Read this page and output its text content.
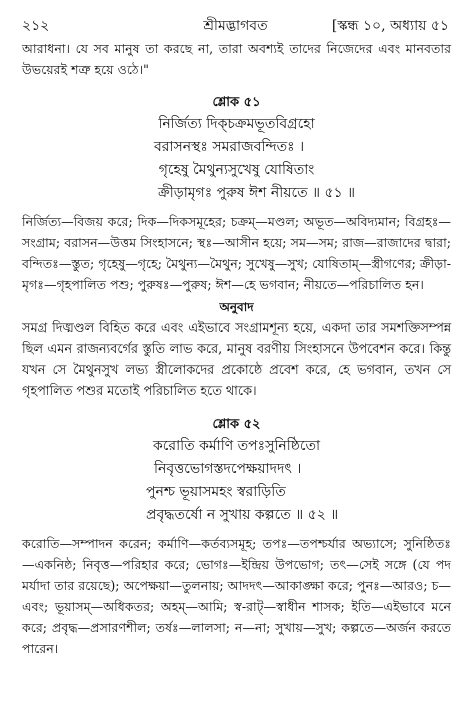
২১২	শ্রীমদ্ভাগবত	[স্কন্ধ ১০, অধ্যায় ৫১

আরাধনা। যে সব মানুষ তা করছে না, তারা অবশ্যই তাদের নিজেদের এবং মানবতার উভয়েরই শত্রু হয়ে ওঠে।"

শ্লোক ৫১

নির্জিত্য দিক্‌চক্রমভূতবিগ্রহো

বরাসনস্থঃ সমরাজবন্দিতঃ ।

গৃহেষু মৈথুন্যসুখেষু যোষিতাং

ক্রীড়ামৃগঃ পুরুষ ঈশ নীয়তে ॥ ৫১ ॥

নির্জিত্য—বিজয় করে; দিক—দিকসমূহের; চক্রম্‌—মণ্ডল; অভূত—অবিদ্যমান; বিগ্রহঃ—সংগ্রাম; বরাসন—উত্তম সিংহাসনে; স্থঃ—আসীন হয়ে; সম—সম; রাজ—রাজাদের দ্বারা; বন্দিতঃ—স্তুত; গৃহেষু—গৃহে; মৈথুন্য—মৈথুন; সুখেষু—সুখ; যোষিতাম্‌—স্ত্রীগণের; ক্রীড়া-মৃগঃ—গৃহপালিত পশু; পুরুষঃ—পুরুষ; ঈশ—হে ভগবান; নীয়তে—পরিচালিত হন।

অনুবাদ

সমগ্র দিঙ্মণ্ডল বিহিত করে এবং এইভাবে সংগ্রামশূন্য হয়ে, একদা তার সমশক্তিসম্পন্ন ছিল এমন রাজন্যবর্গের স্তুতি লাভ করে, মানুষ বরণীয় সিংহাসনে উপবেশন করে। কিন্তু যখন সে মৈথুনসুখ লভ্য স্ত্রীলোকদের প্রকোষ্ঠে প্রবেশ করে, হে ভগবান, তখন সে গৃহপালিত পশুর মতোই পরিচালিত হতে থাকে।

শ্লোক ৫২

করোতি কর্মাণি তপঃসুনিষ্ঠিতো

নিবৃত্তভোগস্তদপেক্ষয়াদদৎ ।

পুনশ্চ ভূয়াসমহং স্বরাড়িতি

প্রবৃদ্ধতর্ষো ন সুখায় কল্পতে ॥ ৫২ ॥

করোতি—সম্পাদন করেন; কর্মাণি—কর্তব্যসমূহ; তপঃ—তপশ্চর্যার অভ্যাসে; সুনিষ্ঠিতঃ—একনিষ্ঠ; নিবৃত্ত—পরিহার করে; ভোগঃ—ইন্দ্রিয় উপভোগ; তৎ—সেই সঙ্গে (যে পদ মর্যাদা তার রয়েছে); অপেক্ষয়া—তুলনায়; আদদৎ—আকাঙ্ক্ষা করে; পুনঃ—আরও; চ—এবং; ভূয়াসম্‌—অধিকতর; অহম্‌—আমি; স্ব-রাট্‌—স্বাধীন শাসক; ইতি—এইভাবে মনে করে; প্রবৃদ্ধ—প্রসারণশীল; তর্ষঃ—লালসা; ন—না; সুখায়—সুখ; কল্পতে—অর্জন করতে পারেন।
